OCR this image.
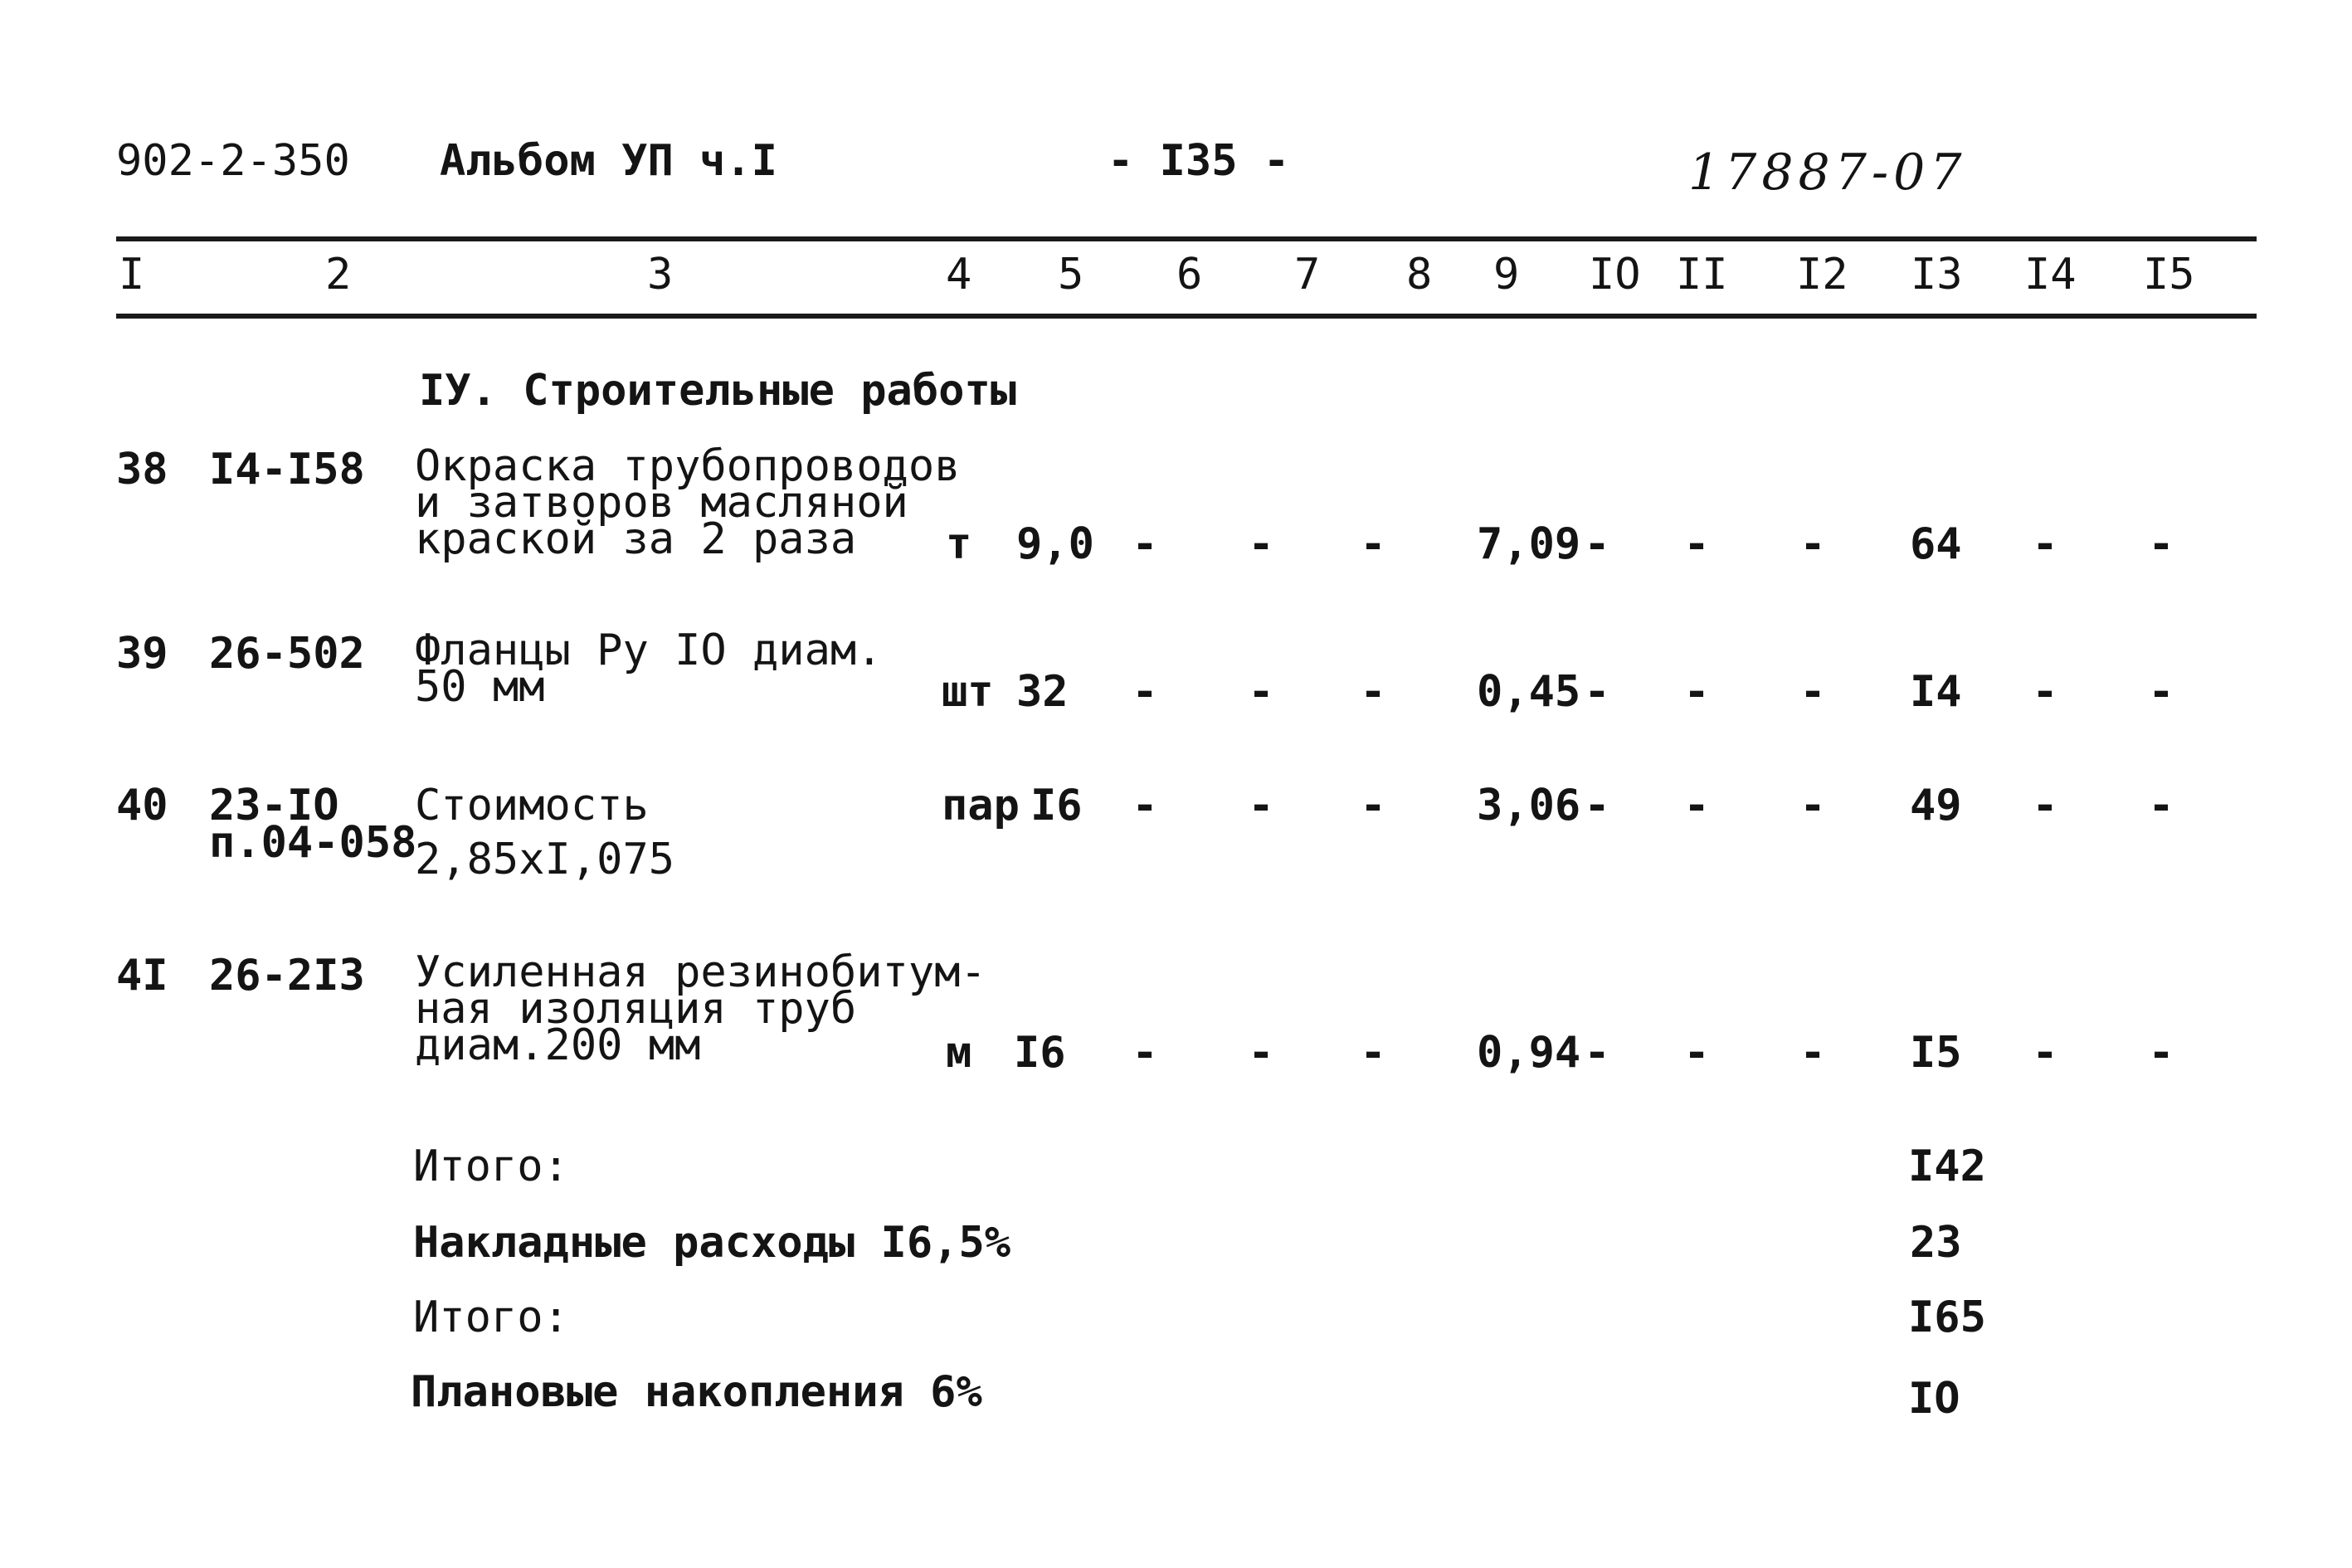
902-2-350 Альбом УП ч.I	- I35 -	17887-07
I	2	3	4 5 6 7 8 9 IO II I2 I3 I4 I5
IУ. Строительные работы
38 I4-I58 Окраска трубопроводов
и затворов масляной
краской за 2 раза	т 9,0 -	-	-	7,09 -	-	-	64	-	-
39 26-502 Фланцы Ру IO диам.
50 мм	шт 32	-	-	-	0,45 -	-	-	I4	-	-
40 23-IO
п.04-058
Стоимость
2,85xI,075
пар I6	-	-	-	3,06 -	-	-	49	-	-
4I 26-2I3 Усиленная резинобитум-
ная изоляция труб
диам.200 мм	м I6	-	-	-	0,94 -	-	-	I5	-	-
Итого:	I42
Накладные расходы I6,5%	23
Итого:	I65
Плановые накопления 6%	IO
